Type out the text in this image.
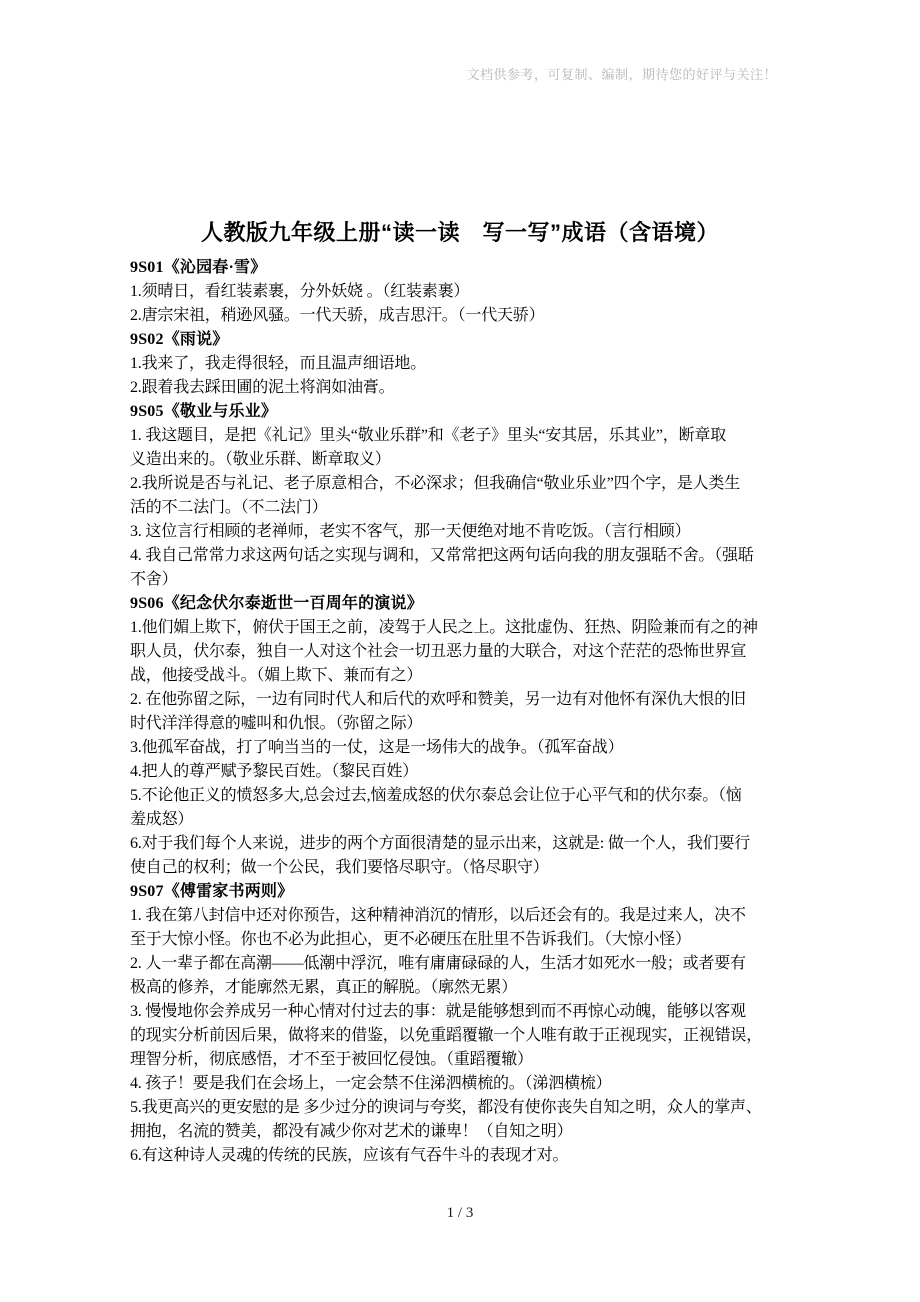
文档供参考，可复制、编制，期待您的好评与关注！
人教版九年级上册“读一读　写一写”成语（含语境）
9S01《沁园春·雪》
1.须晴日，看红装素裹，分外妖娆 。（红装素裹）
2.唐宗宋祖，稍逊风骚。一代天骄，成吉思汗。（一代天骄）
9S02《雨说》
1.我来了，我走得很轻，而且温声细语地。
2.跟着我去踩田圃的泥土将润如油膏。
9S05《敬业与乐业》
1. 我这题目，是把《礼记》里头“敬业乐群”和《老子》里头“安其居，乐其业”，断章取
义造出来的。（敬业乐群、断章取义）
2.我所说是否与礼记、老子原意相合，不必深求；但我确信“敬业乐业”四个字，是人类生
活的不二法门。（不二法门）
3. 这位言行相顾的老禅师，老实不客气，那一天便绝对地不肯吃饭。（言行相顾）
4. 我自己常常力求这两句话之实现与调和，又常常把这两句话向我的朋友强聒不舍。（强聒
不舍）
9S06《纪念伏尔泰逝世一百周年的演说》
1.他们媚上欺下，俯伏于国王之前，凌驾于人民之上。这批虚伪、狂热、阴险兼而有之的神
职人员，伏尔泰，独自一人对这个社会一切丑恶力量的大联合，对这个茫茫的恐怖世界宣
战，他接受战斗。（媚上欺下、兼而有之）
2. 在他弥留之际，一边有同时代人和后代的欢呼和赞美，另一边有对他怀有深仇大恨的旧
时代洋洋得意的嘘叫和仇恨。（弥留之际）
3.他孤军奋战，打了响当当的一仗，这是一场伟大的战争。（孤军奋战）
4.把人的尊严赋予黎民百姓。（黎民百姓）
5.不论他正义的愤怒多大,总会过去,恼羞成怒的伏尔泰总会让位于心平气和的伏尔泰。（恼
羞成怒）
6.对于我们每个人来说，进步的两个方面很清楚的显示出来，这就是: 做一个人，我们要行
使自己的权利；做一个公民，我们要恪尽职守。（恪尽职守）
9S07《傅雷家书两则》
1. 我在第八封信中还对你预告，这种精神消沉的情形，以后还会有的。我是过来人，决不
至于大惊小怪。你也不必为此担心，更不必硬压在肚里不告诉我们。（大惊小怪）
2. 人一辈子都在高潮——低潮中浮沉，唯有庸庸碌碌的人，生活才如死水一般；或者要有
极高的修养，才能廓然无累，真正的解脱。（廓然无累）
3. 慢慢地你会养成另一种心情对付过去的事：就是能够想到而不再惊心动魄，能够以客观
的现实分析前因后果，做将来的借鉴，以免重蹈覆辙一个人唯有敢于正视现实，正视错误，
理智分析，彻底感悟，才不至于被回忆侵蚀。（重蹈覆辙）
4. 孩子！要是我们在会场上，一定会禁不住涕泗横梳的。（涕泗横梳）
5.我更高兴的更安慰的是 多少过分的谀词与夸奖，都没有使你丧失自知之明，众人的掌声、
拥抱，名流的赞美，都没有减少你对艺术的谦卑！（自知之明）
6.有这种诗人灵魂的传统的民族，应该有气吞牛斗的表现才对。
1 / 3
